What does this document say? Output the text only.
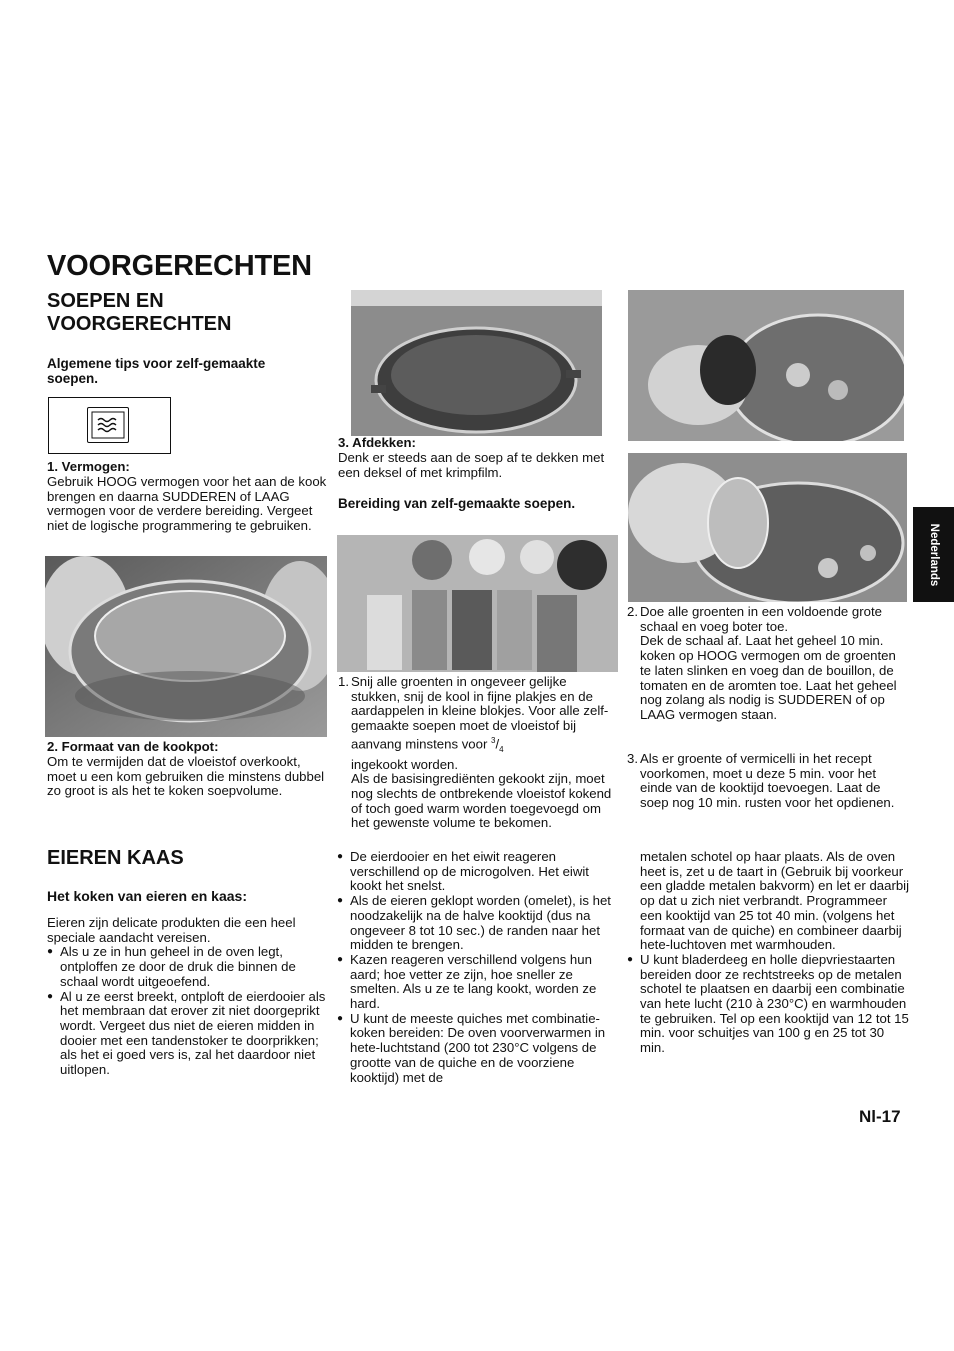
VOORGERECHTEN
SOEPEN EN VOORGERECHTEN
Algemene tips voor zelf-gemaakte soepen.
1. Vermogen:
Gebruik HOOG vermogen voor het aan de kook brengen en daarna SUDDEREN of LAAG vermogen voor de verdere bereiding. Vergeet niet de logische programmering te gebruiken.
2. Formaat van de kookpot:
Om te vermijden dat de vloeistof overkookt, moet u een kom gebruiken die minstens dubbel zo groot is als het te koken soepvolume.
3. Afdekken:
Denk er steeds aan de soep af te dekken met een deksel of met krimpfilm.
Bereiding van zelf-gemaakte soepen.
1. Snij alle groenten in ongeveer gelijke stukken, snij de kool in fijne plakjes en de aardappelen in kleine blokjes. Voor alle zelf-gemaakte soepen moet de vloeistof bij aanvang minstens voor $^3/_4$

ingekookt worden.

Als de basisingrediënten gekookt zijn, moet nog slechts de ontbrekende vloeistof kokend of toch goed warm worden toegevoegd om het gewenste volume te bekomen.

Nederlands
2. Doe alle groenten in een voldoende grote schaal en voeg boter toe.

Dek de schaal af. Laat het geheel 10 min. koken op HOOG vermogen om de groenten te laten slinken en voeg dan de bouillon, de tomaten en de aromten toe. Laat het geheel nog zolang als nodig is SUDDEREN of op LAAG vermogen staan.

3. Als er groente of vermicelli in het recept voorkomen, moet u deze 5 min. voor het einde van de kooktijd toevoegen. Laat de soep nog 10 min. rusten voor het opdienen.

EIEREN KAAS
Het koken van eieren en kaas:

Eieren zijn delicate produkten die een heel speciale aandacht vereisen.

● Als u ze in hun geheel in de oven legt, ontploffen ze door de druk die binnen de schaal wordt uitgeoefend.
● Al u ze eerst breekt, ontploft de eierdooier als het membraan dat erover zit niet doorgeprikt wordt. Vergeet dus niet de eieren midden in dooier met een tandenstoker te doorprikken; als het ei goed vers is, zal het daardoor niet uitlopen.
● De eierdooier en het eiwit reageren verschillend op de microgolven. Het eiwit kookt het snelst.
● Als de eieren geklopt worden (omelet), is het noodzakelijk na de halve kooktijd (dus na ongeveer 8 tot 10 sec.) de randen naar het midden te brengen.
● Kazen reageren verschillend volgens hun aard; hoe vetter ze zijn, hoe sneller ze smelten. Als u ze te lang kookt, worden ze hard.
● U kunt de meeste quiches met combinatie-koken bereiden: De oven voorverwarmen in hete-luchtstand (200 tot 230°C volgens de grootte van de quiche en de voorziene kooktijd) met de

metalen schotel op haar plaats. Als de oven heet is, zet u de taart in (Gebruik bij voorkeur een gladde metalen bakvorm) en let er daarbij op dat u zich niet verbrandt. Programmeer een kooktijd van 25 tot 40 min. (volgens het formaat van de quiche) en combineer daarbij hete-luchtoven met warmhouden.

● U kunt bladerdeeg en holle diepvriestaarten bereiden door ze rechtstreeks op de metalen schotel te plaatsen en daarbij een combinatie van hete lucht (210 à 230°C) en warmhouden te gebruiken. Tel op een kooktijd van 12 tot 15 min. voor schuitjes van 100 g en 25 tot 30 min.
Nl-17
